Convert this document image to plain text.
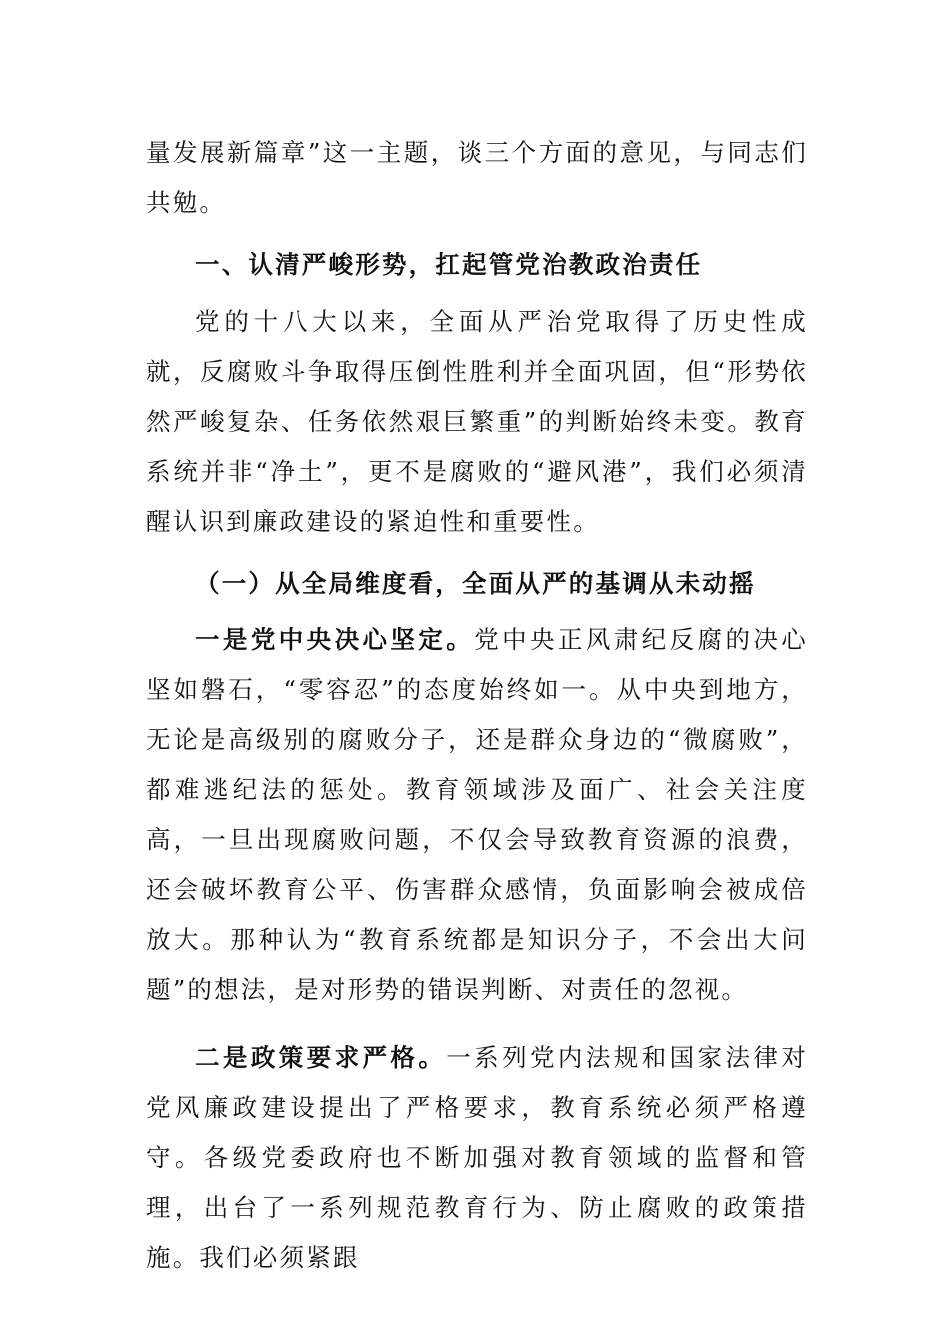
量发展新篇章”这一主题，谈三个方面的意见，与同志们共勉。

一、认清严峻形势，扛起管党治教政治责任

党的十八大以来，全面从严治党取得了历史性成就，反腐败斗争取得压倒性胜利并全面巩固，但“形势依然严峻复杂、任务依然艰巨繁重”的判断始终未变。教育系统并非“净土”，更不是腐败的“避风港”，我们必须清醒认识到廉政建设的紧迫性和重要性。

（一）从全局维度看，全面从严的基调从未动摇

一是党中央决心坚定。党中央正风肃纪反腐的决心坚如磐石，“零容忍”的态度始终如一。从中央到地方，无论是高级别的腐败分子，还是群众身边的“微腐败”，都难逃纪法的惩处。教育领域涉及面广、社会关注度高，一旦出现腐败问题，不仅会导致教育资源的浪费，还会破坏教育公平、伤害群众感情，负面影响会被成倍放大。那种认为“教育系统都是知识分子，不会出大问题”的想法，是对形势的错误判断、对责任的忽视。

二是政策要求严格。一系列党内法规和国家法律对党风廉政建设提出了严格要求，教育系统必须严格遵守。各级党委政府也不断加强对教育领域的监督和管理，出台了一系列规范教育行为、防止腐败的政策措施。我们必须紧跟
